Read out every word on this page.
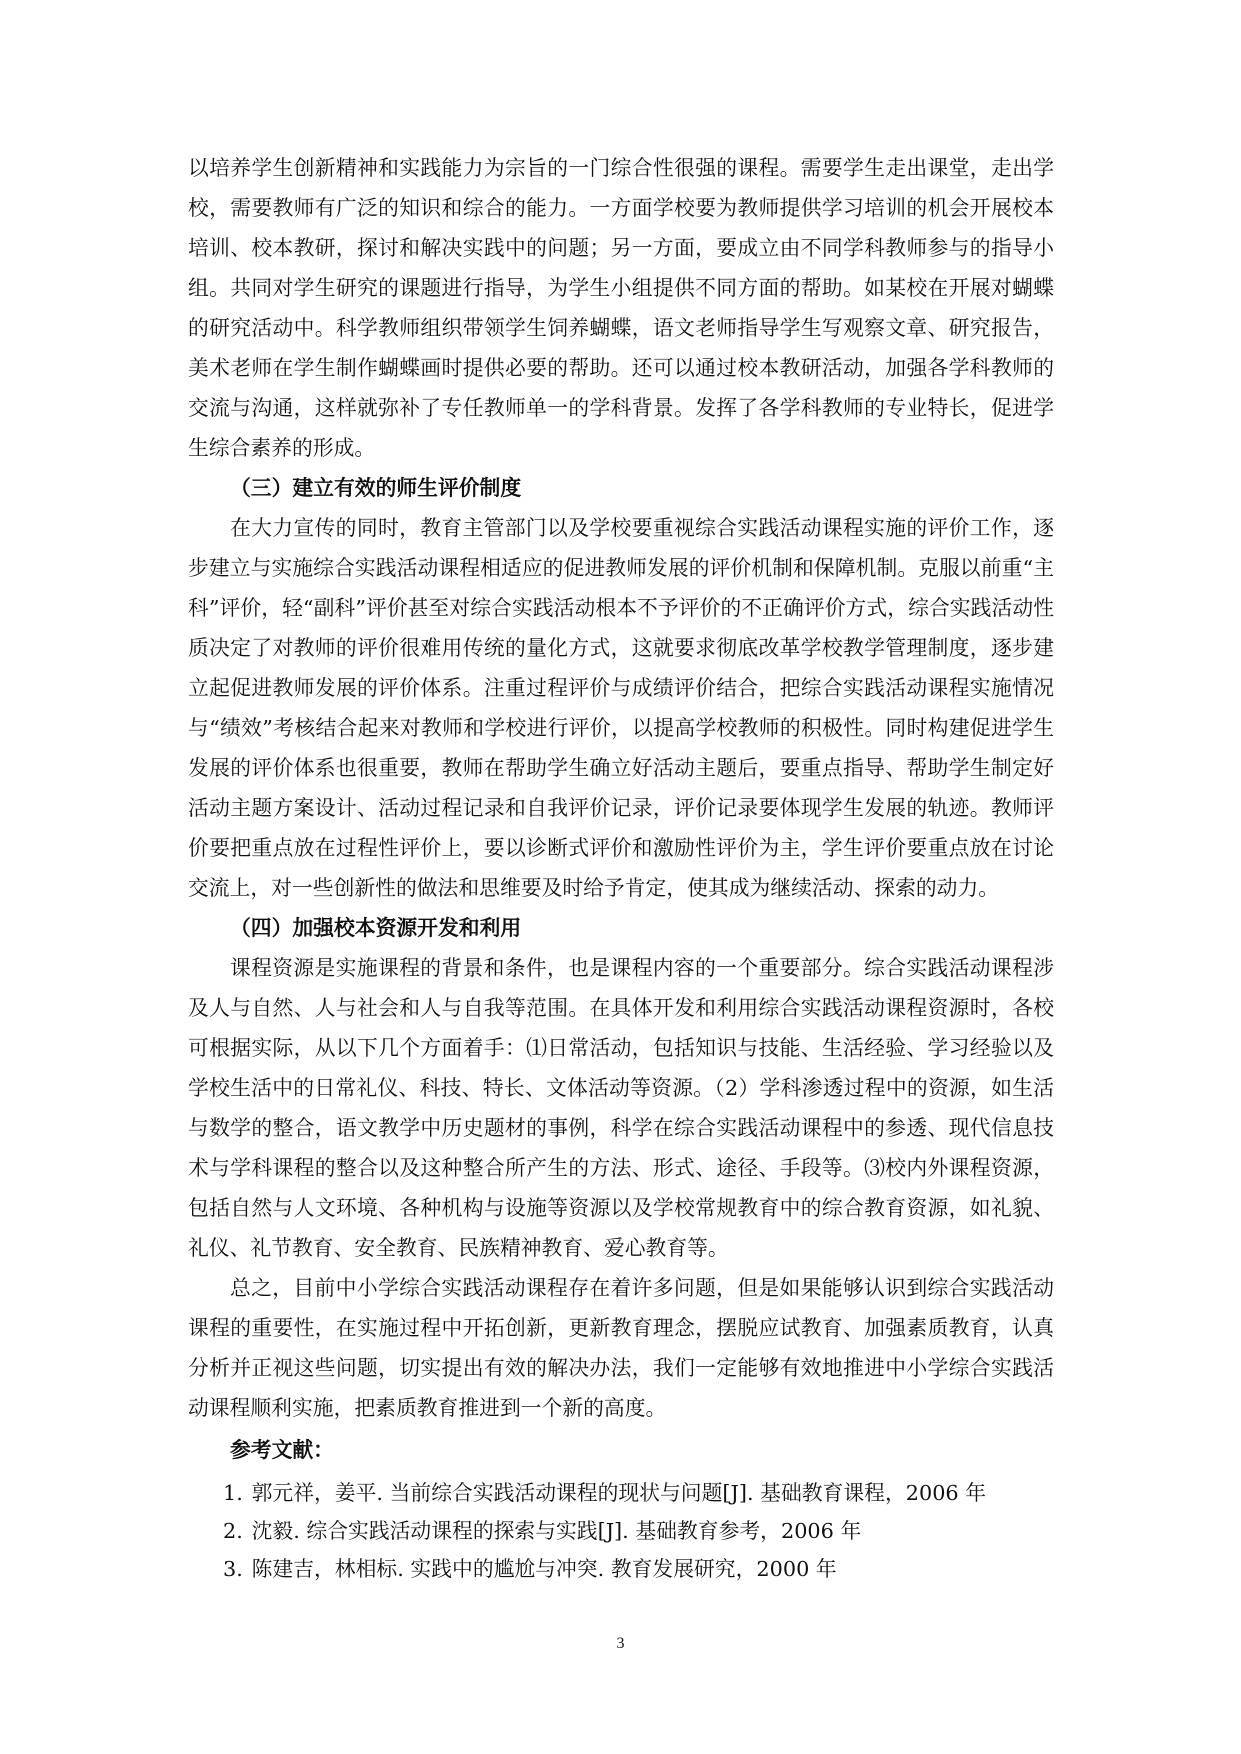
以培养学生创新精神和实践能力为宗旨的一门综合性很强的课程。需要学生走出课堂，走出学校，需要教师有广泛的知识和综合的能力。一方面学校要为教师提供学习培训的机会开展校本培训、校本教研，探讨和解决实践中的问题；另一方面，要成立由不同学科教师参与的指导小组。共同对学生研究的课题进行指导，为学生小组提供不同方面的帮助。如某校在开展对蝴蝶的研究活动中。科学教师组织带领学生饲养蝴蝶，语文老师指导学生写观察文章、研究报告，美术老师在学生制作蝴蝶画时提供必要的帮助。还可以通过校本教研活动，加强各学科教师的交流与沟通，这样就弥补了专任教师单一的学科背景。发挥了各学科教师的专业特长，促进学生综合素养的形成。

（三）建立有效的师生评价制度

在大力宣传的同时，教育主管部门以及学校要重视综合实践活动课程实施的评价工作，逐步建立与实施综合实践活动课程相适应的促进教师发展的评价机制和保障机制。克服以前重“主科”评价，轻“副科”评价甚至对综合实践活动根本不予评价的不正确评价方式，综合实践活动性质决定了对教师的评价很难用传统的量化方式，这就要求彻底改革学校教学管理制度，逐步建立起促进教师发展的评价体系。注重过程评价与成绩评价结合，把综合实践活动课程实施情况与“绩效”考核结合起来对教师和学校进行评价，以提高学校教师的积极性。同时构建促进学生发展的评价体系也很重要，教师在帮助学生确立好活动主题后，要重点指导、帮助学生制定好活动主题方案设计、活动过程记录和自我评价记录，评价记录要体现学生发展的轨迹。教师评价要把重点放在过程性评价上，要以诊断式评价和激励性评价为主，学生评价要重点放在讨论交流上，对一些创新性的做法和思维要及时给予肯定，使其成为继续活动、探索的动力。

（四）加强校本资源开发和利用

课程资源是实施课程的背景和条件，也是课程内容的一个重要部分。综合实践活动课程涉及人与自然、人与社会和人与自我等范围。在具体开发和利用综合实践活动课程资源时，各校可根据实际，从以下几个方面着手：⑴日常活动，包括知识与技能、生活经验、学习经验以及学校生活中的日常礼仪、科技、特长、文体活动等资源。（2）学科渗透过程中的资源，如生活与数学的整合，语文教学中历史题材的事例，科学在综合实践活动课程中的参透、现代信息技术与学科课程的整合以及这种整合所产生的方法、形式、途径、手段等。⑶校内外课程资源，包括自然与人文环境、各种机构与设施等资源以及学校常规教育中的综合教育资源，如礼貌、礼仪、礼节教育、安全教育、民族精神教育、爱心教育等。

总之，目前中小学综合实践活动课程存在着许多问题，但是如果能够认识到综合实践活动课程的重要性，在实施过程中开拓创新，更新教育理念，摆脱应试教育、加强素质教育，认真分析并正视这些问题，切实提出有效的解决办法，我们一定能够有效地推进中小学综合实践活动课程顺利实施，把素质教育推进到一个新的高度。

参考文献：
1. 郭元祥，姜平. 当前综合实践活动课程的现状与问题[J]. 基础教育课程，2006 年
2. 沈毅. 综合实践活动课程的探索与实践[J]. 基础教育参考，2006 年
3. 陈建吉，林相标. 实践中的尴尬与冲突. 教育发展研究，2000 年
3
